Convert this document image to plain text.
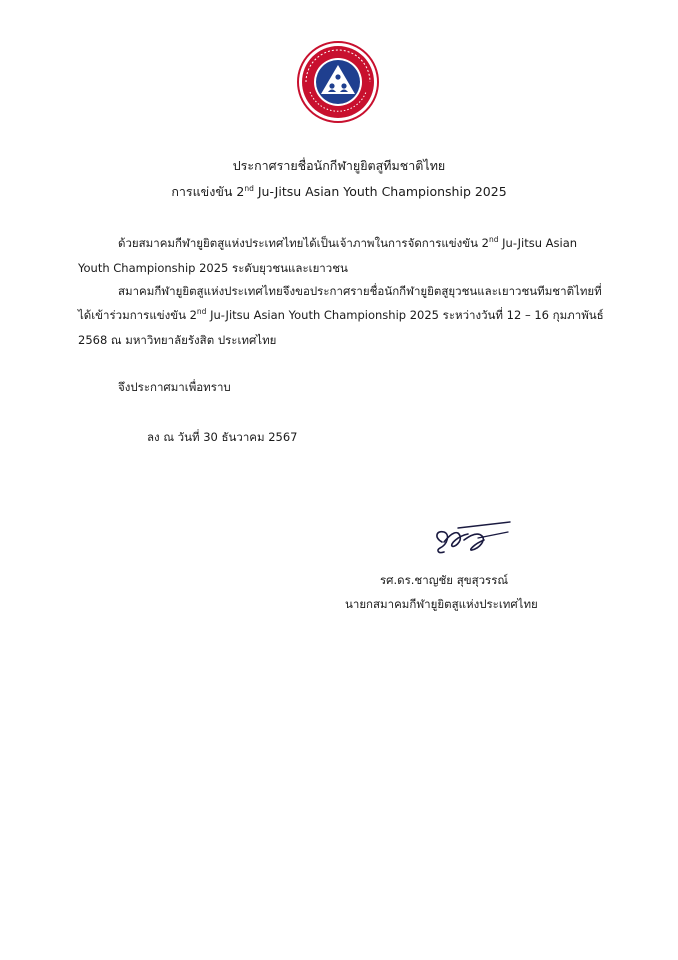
ประกาศรายชื่อนักกีฬายูยิตสูทีมชาติไทย
การแข่งขัน 2nd Ju-Jitsu Asian Youth Championship 2025
ด้วยสมาคมกีฬายูยิตสูแห่งประเทศไทยได้เป็นเจ้าภาพในการจัดการแข่งขัน 2nd Ju-Jitsu Asian
Youth Championship 2025 ระดับยุวชนและเยาวชน
สมาคมกีฬายูยิตสูแห่งประเทศไทยจึงขอประกาศรายชื่อนักกีฬายูยิตสูยุวชนและเยาวชนทีมชาติไทยที่
ได้เข้าร่วมการแข่งขัน 2nd Ju-Jitsu Asian Youth Championship 2025 ระหว่างวันที่ 12 – 16 กุมภาพันธ์
2568 ณ มหาวิทยาลัยรังสิต ประเทศไทย
จึงประกาศมาเพื่อทราบ
ลง ณ วันที่ 30 ธันวาคม 2567
รศ.ดร.ชาญชัย สุขสุวรรณ์
นายกสมาคมกีฬายูยิตสูแห่งประเทศไทย
